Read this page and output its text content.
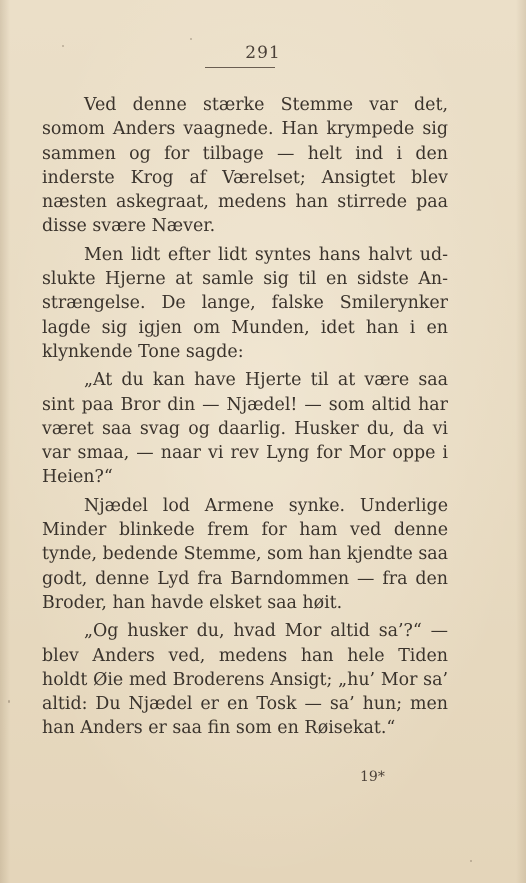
291

Ved denne stærke Stemme var det, somom Anders vaagnede. Han krympede sig sammen og for tilbage — helt ind i den inderste Krog af Værelset; Ansigtet blev næsten askegraat, medens han stirrede paa disse svære Næver.

Men lidt efter lidt syntes hans halvt udslukte Hjerne at samle sig til en sidste Anstrængelse. De lange, falske Smilerynker lagde sig igjen om Munden, idet han i en klynkende Tone sagde:

„At du kan have Hjerte til at være saa sint paa Bror din — Njædel! — som altid har været saa svag og daarlig. Husker du, da vi var smaa, — naar vi rev Lyng for Mor oppe i Heien?“

Njædel lod Armene synke. Underlige Minder blinkede frem for ham ved denne tynde, bedende Stemme, som han kjendte saa godt, denne Lyd fra Barndommen — fra den Broder, han havde elsket saa høit.

„Og husker du, hvad Mor altid sa’?“ — blev Anders ved, medens han hele Tiden holdt Øie med Broderens Ansigt; „hu’ Mor sa’ altid: Du Njædel er en Tosk — sa’ hun; men han Anders er saa fin som en Røisekat.“

19*
